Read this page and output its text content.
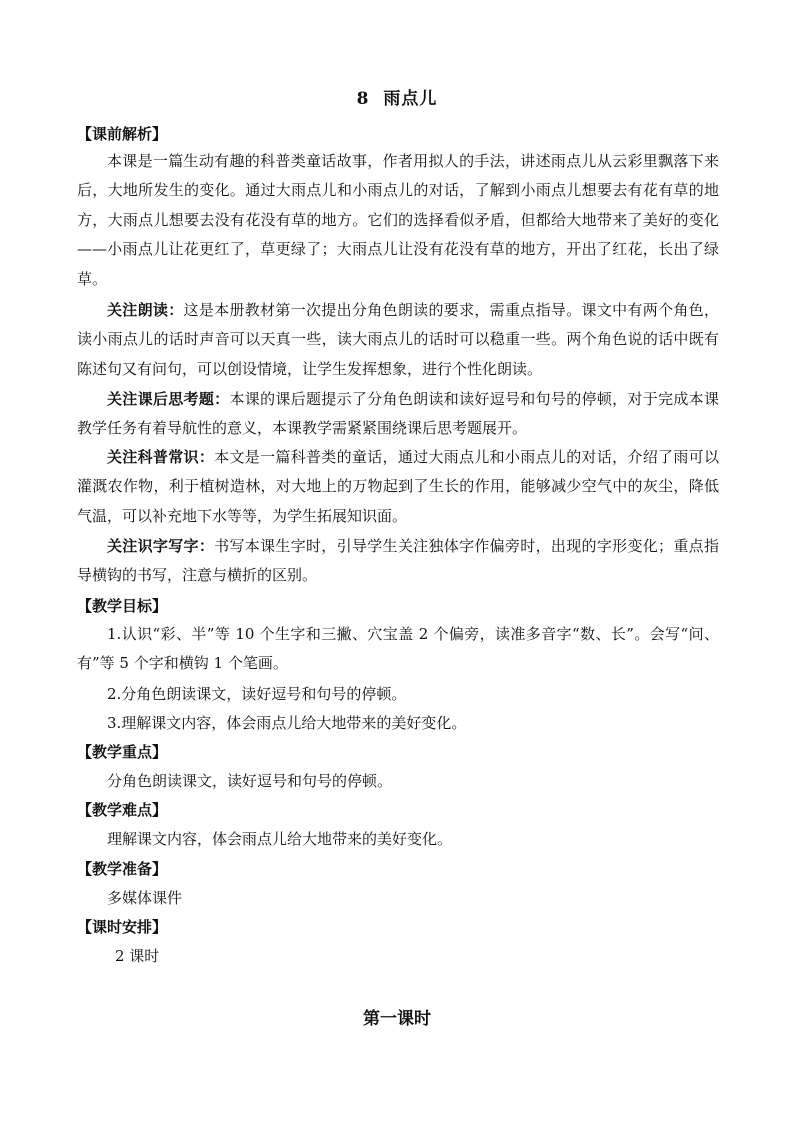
8 雨点儿

【课前解析】

本课是一篇生动有趣的科普类童话故事，作者用拟人的手法，讲述雨点儿从云彩里飘落下来后，大地所发生的变化。通过大雨点儿和小雨点儿的对话，了解到小雨点儿想要去有花有草的地方，大雨点儿想要去没有花没有草的地方。它们的选择看似矛盾，但都给大地带来了美好的变化——小雨点儿让花更红了，草更绿了；大雨点儿让没有花没有草的地方，开出了红花，长出了绿草。

关注朗读：这是本册教材第一次提出分角色朗读的要求，需重点指导。课文中有两个角色，读小雨点儿的话时声音可以天真一些，读大雨点儿的话时可以稳重一些。两个角色说的话中既有陈述句又有问句，可以创设情境，让学生发挥想象，进行个性化朗读。

关注课后思考题：本课的课后题提示了分角色朗读和读好逗号和句号的停顿，对于完成本课教学任务有着导航性的意义，本课教学需紧紧围绕课后思考题展开。

关注科普常识：本文是一篇科普类的童话，通过大雨点儿和小雨点儿的对话，介绍了雨可以灌溉农作物，利于植树造林，对大地上的万物起到了生长的作用，能够减少空气中的灰尘，降低气温，可以补充地下水等等，为学生拓展知识面。

关注识字写字：书写本课生字时，引导学生关注独体字作偏旁时，出现的字形变化；重点指导横钩的书写，注意与横折的区别。

【教学目标】

1.认识“彩、半”等 10 个生字和三撇、穴宝盖 2 个偏旁，读准多音字“数、长”。会写“问、有”等 5 个字和横钩 1 个笔画。

2.分角色朗读课文，读好逗号和句号的停顿。

3.理解课文内容，体会雨点儿给大地带来的美好变化。

【教学重点】

分角色朗读课文，读好逗号和句号的停顿。

【教学难点】

理解课文内容，体会雨点儿给大地带来的美好变化。

【教学准备】

多媒体课件

【课时安排】

2 课时

第一课时
